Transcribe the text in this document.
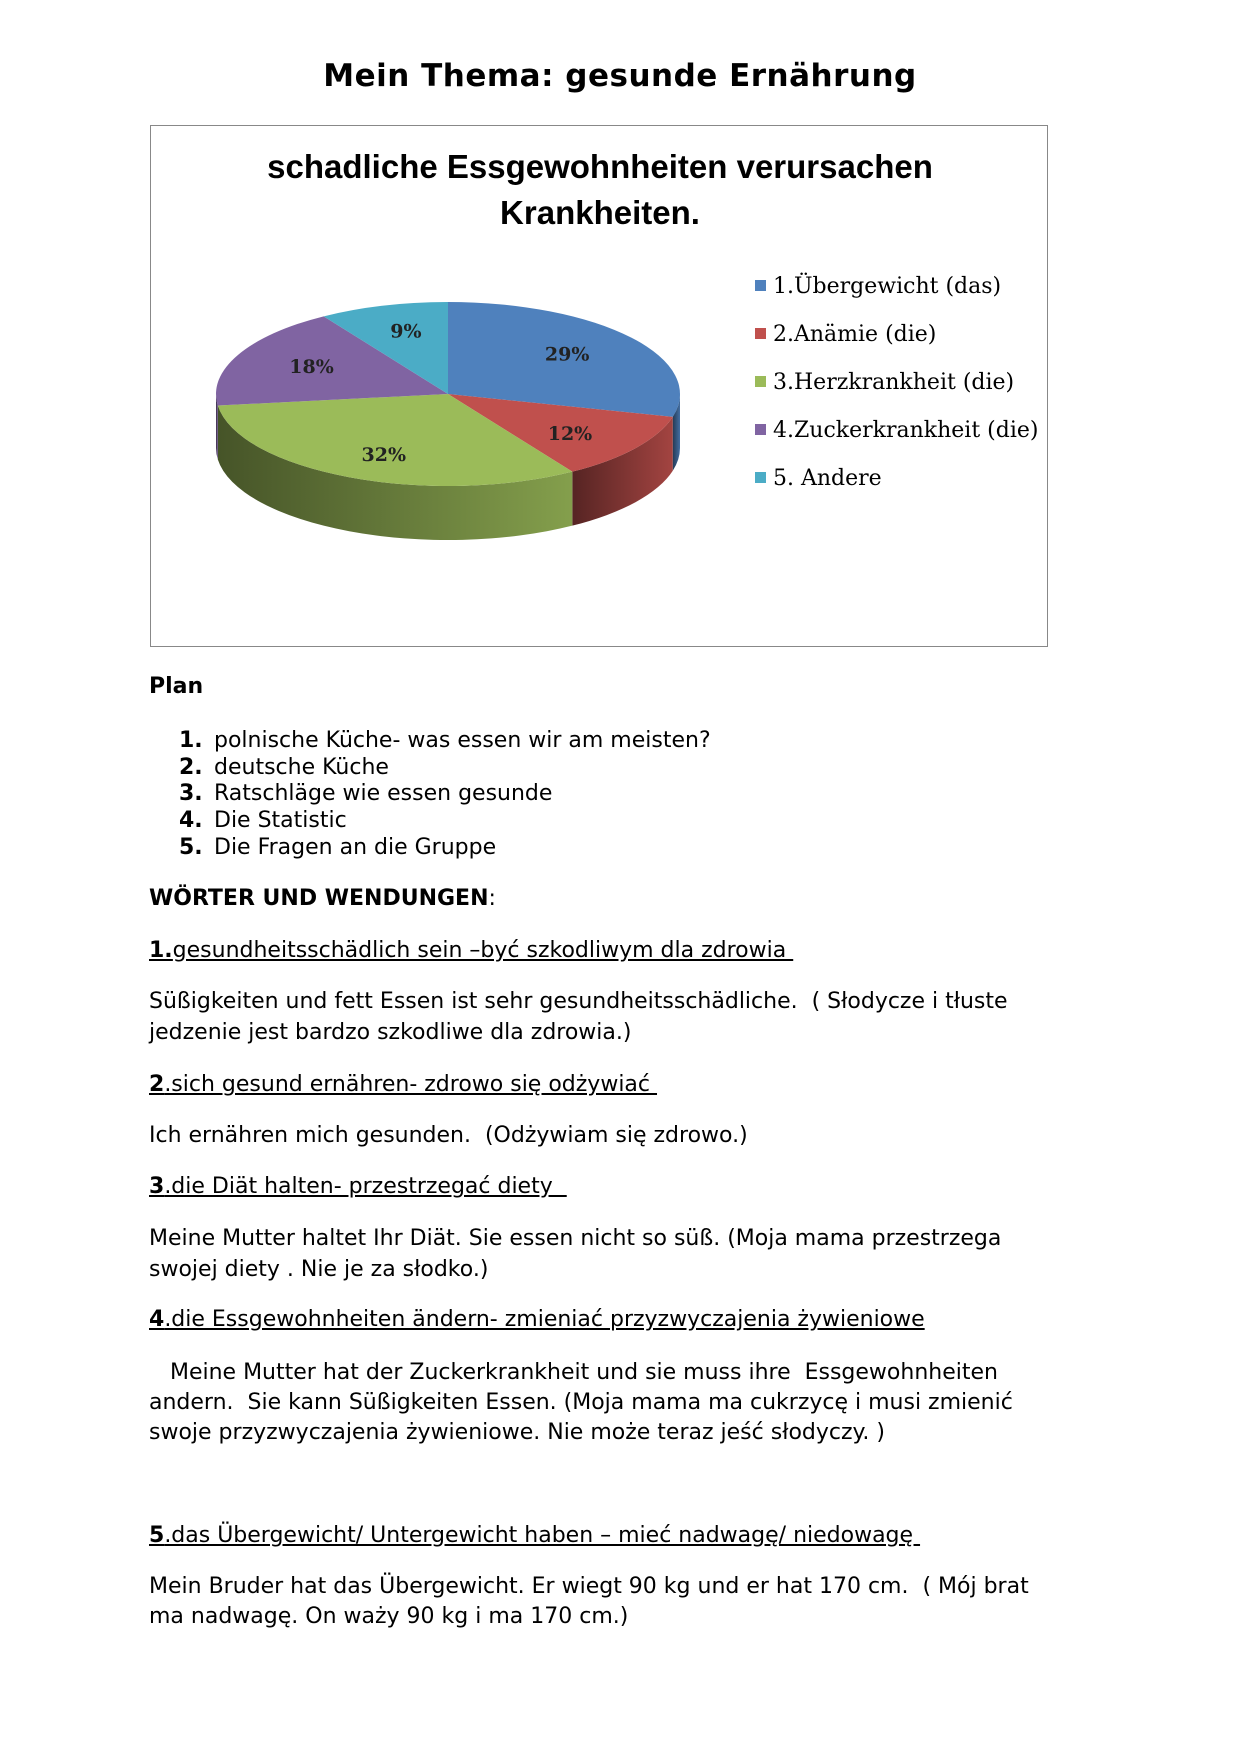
Mein Thema: gesunde Ernährung
schadliche Essgewohnheiten verursachen
Krankheiten.
29%
12%
32%
18%
9%
1.Übergewicht (das)
2.Anämie (die)
3.Herzkrankheit (die)
4.Zuckerkrankheit (die)
5. Andere
Plan
1. polnische Küche- was essen wir am meisten?
2. deutsche Küche
3. Ratschläge wie essen gesunde
4. Die Statistic
5. Die Fragen an die Gruppe
WÖRTER UND WENDUNGEN:
1.gesundheitsschädlich sein –być szkodliwym dla zdrowia
Süßigkeiten und fett Essen ist sehr gesundheitsschädliche.  ( Słodycze i tłuste
jedzenie jest bardzo szkodliwe dla zdrowia.)
2.sich gesund ernähren- zdrowo się odżywiać
Ich ernähren mich gesunden.  (Odżywiam się zdrowo.)
3.die Diät halten- przestrzegać diety
Meine Mutter haltet Ihr Diät. Sie essen nicht so süß. (Moja mama przestrzega
swojej diety . Nie je za słodko.)
4.die Essgewohnheiten ändern- zmieniać przyzwyczajenia żywieniowe
Meine Mutter hat der Zuckerkrankheit und sie muss ihre  Essgewohnheiten
andern.  Sie kann Süßigkeiten Essen. (Moja mama ma cukrzycę i musi zmienić
swoje przyzwyczajenia żywieniowe. Nie może teraz jeść słodyczy. )
5.das Übergewicht/ Untergewicht haben – mieć nadwagę/ niedowagę
Mein Bruder hat das Übergewicht. Er wiegt 90 kg und er hat 170 cm.  ( Mój brat
ma nadwagę. On waży 90 kg i ma 170 cm.)
